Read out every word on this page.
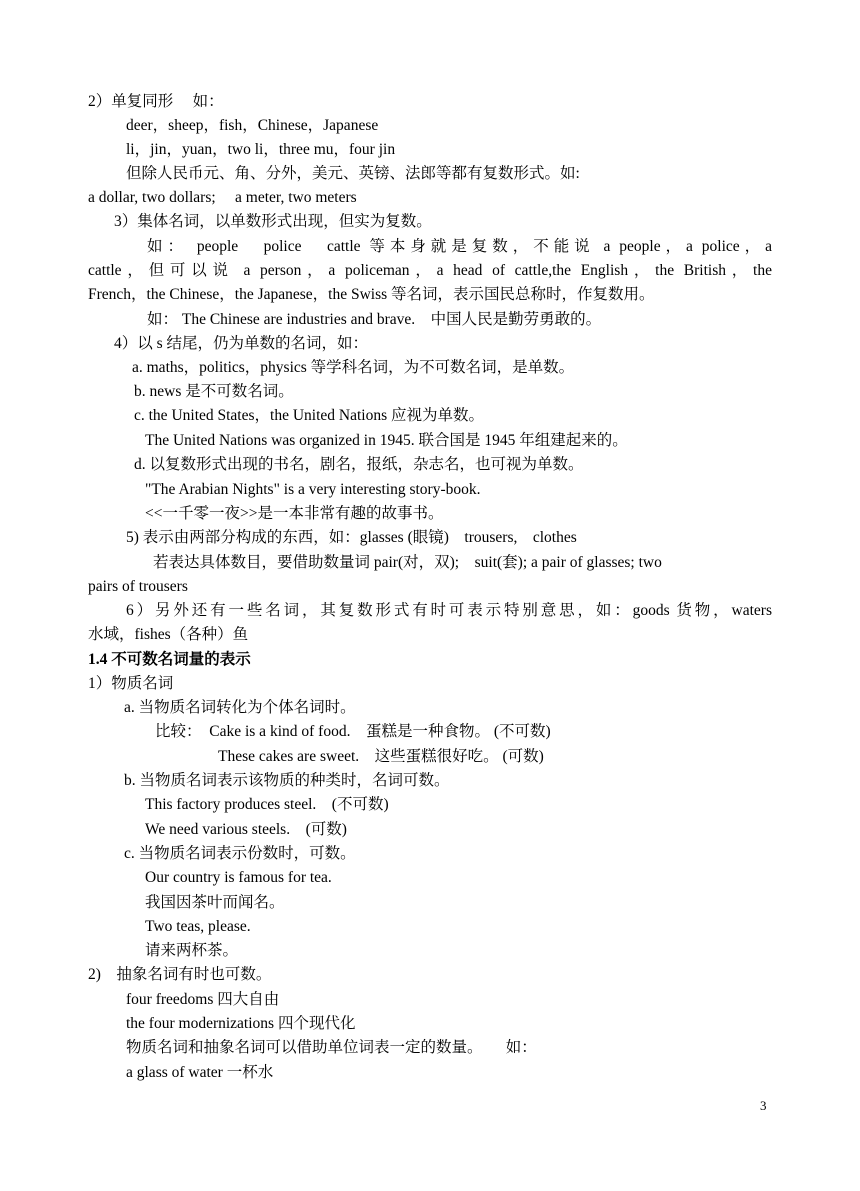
2）单复同形　 如：
deer，sheep，fish，Chinese，Japanese
li，jin，yuan，two li，three mu，four jin
但除人民币元、角、分外，美元、英镑、法郎等都有复数形式。如:
a dollar, two dollars;　 a meter, two meters
3）集体名词，以单数形式出现，但实为复数。
如： people　police　cattle 等本身就是复数，不能说 a people，a police，a
cattle，但可以说 a person，a policeman，a head of cattle,the English，the British，the
French，the Chinese，the Japanese，the Swiss 等名词，表示国民总称时，作复数用。
如： The Chinese are industries and brave.　中国人民是勤劳勇敢的。
4）以 s 结尾，仍为单数的名词，如：
a. maths，politics，physics 等学科名词，为不可数名词，是单数。
b. news 是不可数名词。
c. the United States，the United Nations 应视为单数。
The United Nations was organized in 1945. 联合国是 1945 年组建起来的。
d. 以复数形式出现的书名，剧名，报纸，杂志名，也可视为单数。
"The Arabian Nights" is a very interesting story-book.
<<一千零一夜>>是一本非常有趣的故事书。
5) 表示由两部分构成的东西，如：glasses (眼镜)　trousers,　clothes
若表达具体数目，要借助数量词 pair(对，双);　suit(套); a pair of glasses; two
pairs of trousers
6）另外还有一些名词，其复数形式有时可表示特别意思，如：goods 货物，waters
水域，fishes（各种）鱼
1.4 不可数名词量的表示
1）物质名词
a. 当物质名词转化为个体名词时。
比较：　Cake is a kind of food.　蛋糕是一种食物。 (不可数)
These cakes are sweet.　这些蛋糕很好吃。 (可数)
b. 当物质名词表示该物质的种类时，名词可数。
This factory produces steel.　(不可数)
We need various steels.　(可数)
c. 当物质名词表示份数时，可数。
Our country is famous for tea.
我国因茶叶而闻名。
Two teas, please.
请来两杯茶。
2)　抽象名词有时也可数。
four freedoms 四大自由
the four modernizations 四个现代化
物质名词和抽象名词可以借助单位词表一定的数量。　　如：
a glass of water 一杯水
3
